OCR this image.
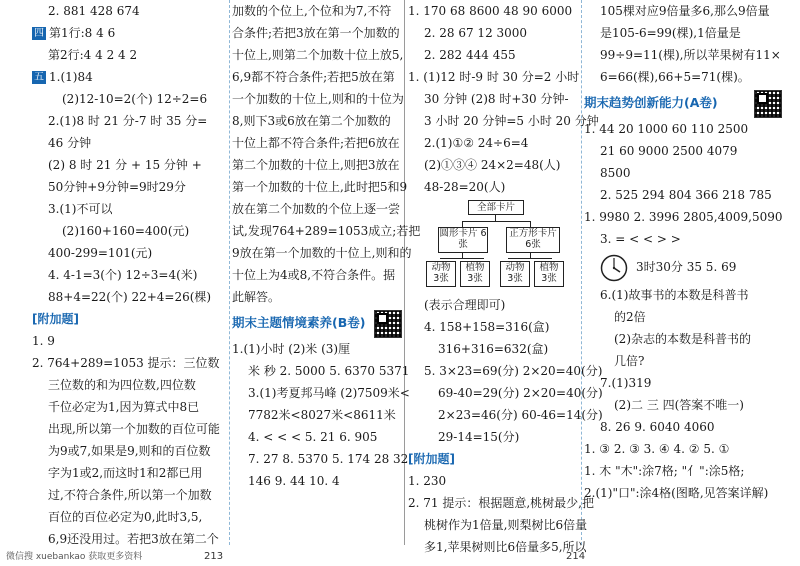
2. 881 428 674
四 第1行:8 4 6
第2行:4 4 2 4 2
五 1.(1)84
(2)12-10=2(个) 12÷2=6
2.(1)8 时 21 分-7 时 35 分=
46 分钟
(2) 8 时 21 分 + 15 分钟 +
50分钟+9分钟=9时29分
3.(1)不可以
(2)160+160=400(元)
400-299=101(元)
4. 4-1=3(个) 12÷3=4(米)
88+4=22(个) 22+4=26(棵)
[附加题]
1. 9
2. 764+289=1053 提示：三位数
三位数的和为四位数,四位数
千位必定为1,因为算式中8已
出现,所以第一个加数的百位可能
为9或7,如果是9,则和的百位数
字为1或2,而这时1和2都已用
过,不符合条件,所以第一个加数
百位的百位必定为0,此时3,5,
6,9还没用过。若把3放在第二个
加数的个位上,个位和为7,不符
合条件;若把3放在第一个加数的
十位上,则第二个加数十位上放5,
6,9都不符合条件;若把5放在第
一个加数的十位上,则和的十位为
8,则下3或6放在第二个加数的
十位上都不符合条件;若把6放在
第二个加数的十位上,则把3放在
第一个加数的十位上,此时把5和9
放在第二个加数的个位上逐一尝
试,发现764+289=1053成立;若把
9放在第一个加数的十位上,则和的
十位上为4或8,不符合条件。据
此解答。
期末主题情境素养(B卷)
1.(1)小时 (2)米 (3)厘
米 秒 2. 5000 5. 6370 5371
3.(1)考夏邦马峰 (2)7509米<
7782米<8027米<8611米
4. < < < 5. 21 6. 905
7. 27 8. 5370 5. 174 28 32
146 9. 44 10. 4
1. 170 68 8600 48 90 6000
2. 28 67 12 3000
2. 282 444 455
1. (1)12 时-9 时 30 分=2 小时
30 分钟 (2)8 时+30 分钟-
3 小时 20 分钟=5 小时 20 分钟
2.(1)①② 24÷6=4
(2)①③④ 24×2=48(人)
48-28=20(人)
全部卡片
圆形卡片 6张
正方形卡片 6张
动物 3张
植物 3张
动物 3张
植物 3张
(表示合理即可)
4. 158+158=316(盒)
316+316=632(盒)
5. 3×23=69(分) 2×20=40(分)
69-40=29(分) 2×20=40(分)
2×23=46(分) 60-46=14(分)
29-14=15(分)
[附加题]
1. 230
2. 71 提示：根据题意,桃树最少,把
桃树作为1倍量,则梨树比6倍量
多1,苹果树则比6倍量多5,所以
105棵对应9倍量多6,那么9倍量
是105-6=99(棵),1倍量是
99÷9=11(棵),所以苹果树有11×
6=66(棵),66+5=71(棵)。
期末趋势创新能力(A卷)
1. 44 20 1000 60 110 2500
21 60 9000 2500 4079
8500
2. 525 294 804 366 218 785
1. 9980 2. 3996 2805,4009,5090
3. = < < > >
3时30分 35 5. 69
6.(1)故事书的本数是科普书
的2倍
(2)杂志的本数是科普书的
几倍?
7.(1)319
(2)二 三 四(答案不唯一)
8. 26 9. 6040 4060
1. ③ 2. ③ 3. ④ 4. ② 5. ①
1. 木 "木":涂7格; "亻":涂5格;
2.(1)"口":涂4格(图略,见答案详解)
微信搜 xuebankao 获取更多资料	213	214
